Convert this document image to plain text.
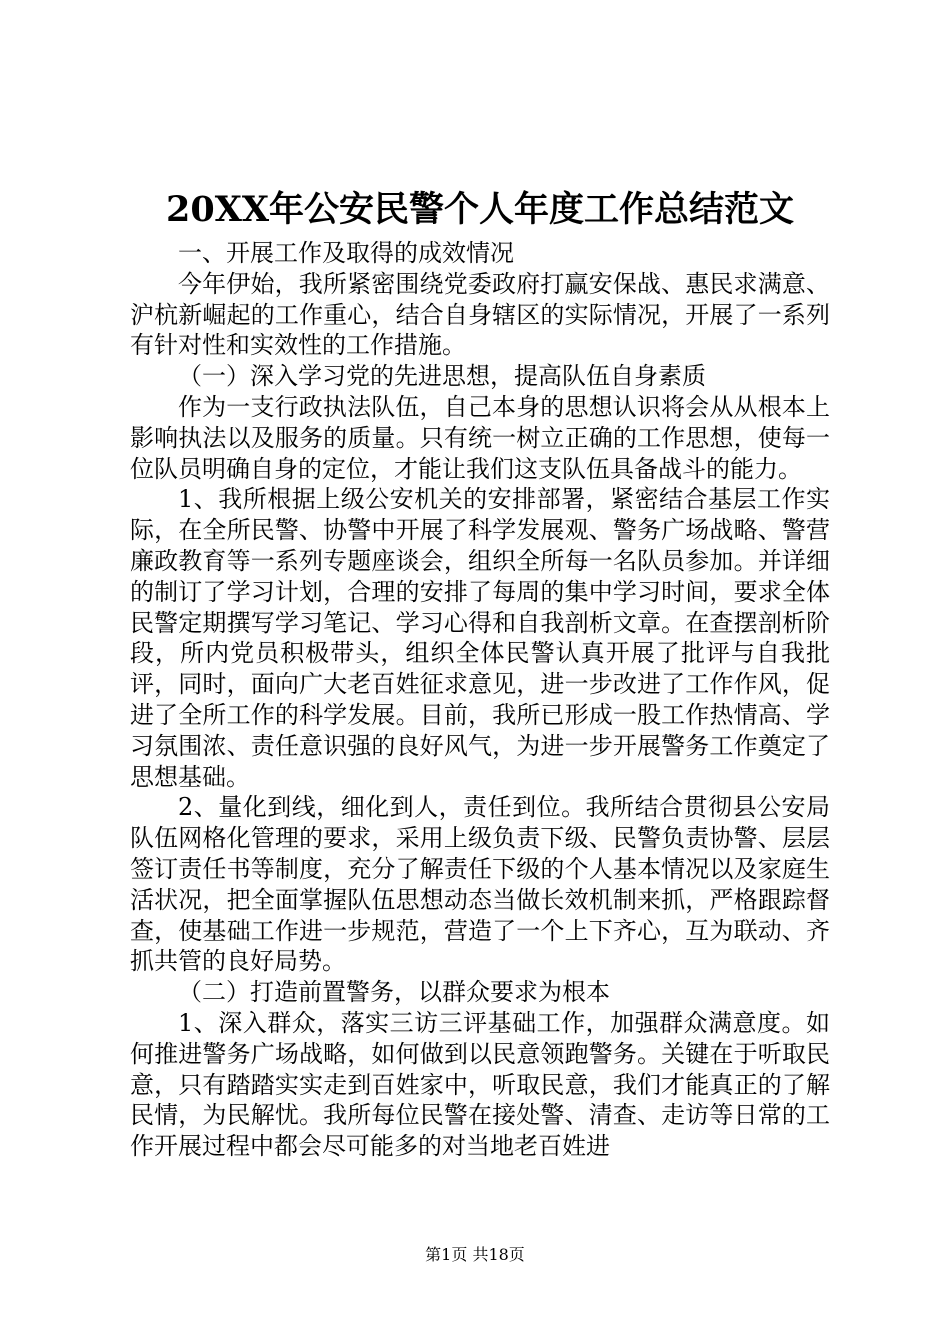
20XX年公安民警个人年度工作总结范文

一、开展工作及取得的成效情况

今年伊始，我所紧密围绕党委政府打赢安保战、惠民求满意、沪杭新崛起的工作重心，结合自身辖区的实际情况，开展了一系列有针对性和实效性的工作措施。

（一）深入学习党的先进思想，提高队伍自身素质

作为一支行政执法队伍，自己本身的思想认识将会从从根本上影响执法以及服务的质量。只有统一树立正确的工作思想，使每一位队员明确自身的定位，才能让我们这支队伍具备战斗的能力。

1、我所根据上级公安机关的安排部署，紧密结合基层工作实际，在全所民警、协警中开展了科学发展观、警务广场战略、警营廉政教育等一系列专题座谈会，组织全所每一名队员参加。并详细的制订了学习计划，合理的安排了每周的集中学习时间，要求全体民警定期撰写学习笔记、学习心得和自我剖析文章。在查摆剖析阶段，所内党员积极带头，组织全体民警认真开展了批评与自我批评，同时，面向广大老百姓征求意见，进一步改进了工作作风，促进了全所工作的科学发展。目前，我所已形成一股工作热情高、学习氛围浓、责任意识强的良好风气，为进一步开展警务工作奠定了思想基础。

2、量化到线，细化到人，责任到位。我所结合贯彻县公安局队伍网格化管理的要求，采用上级负责下级、民警负责协警、层层签订责任书等制度，充分了解责任下级的个人基本情况以及家庭生活状况，把全面掌握队伍思想动态当做长效机制来抓，严格跟踪督查，使基础工作进一步规范，营造了一个上下齐心，互为联动、齐抓共管的良好局势。

（二）打造前置警务，以群众要求为根本

1、深入群众，落实三访三评基础工作，加强群众满意度。如何推进警务广场战略，如何做到以民意领跑警务。关键在于听取民意，只有踏踏实实走到百姓家中，听取民意，我们才能真正的了解民情，为民解忧。我所每位民警在接处警、清查、走访等日常的工作开展过程中都会尽可能多的对当地老百姓进

第1页 共18页
